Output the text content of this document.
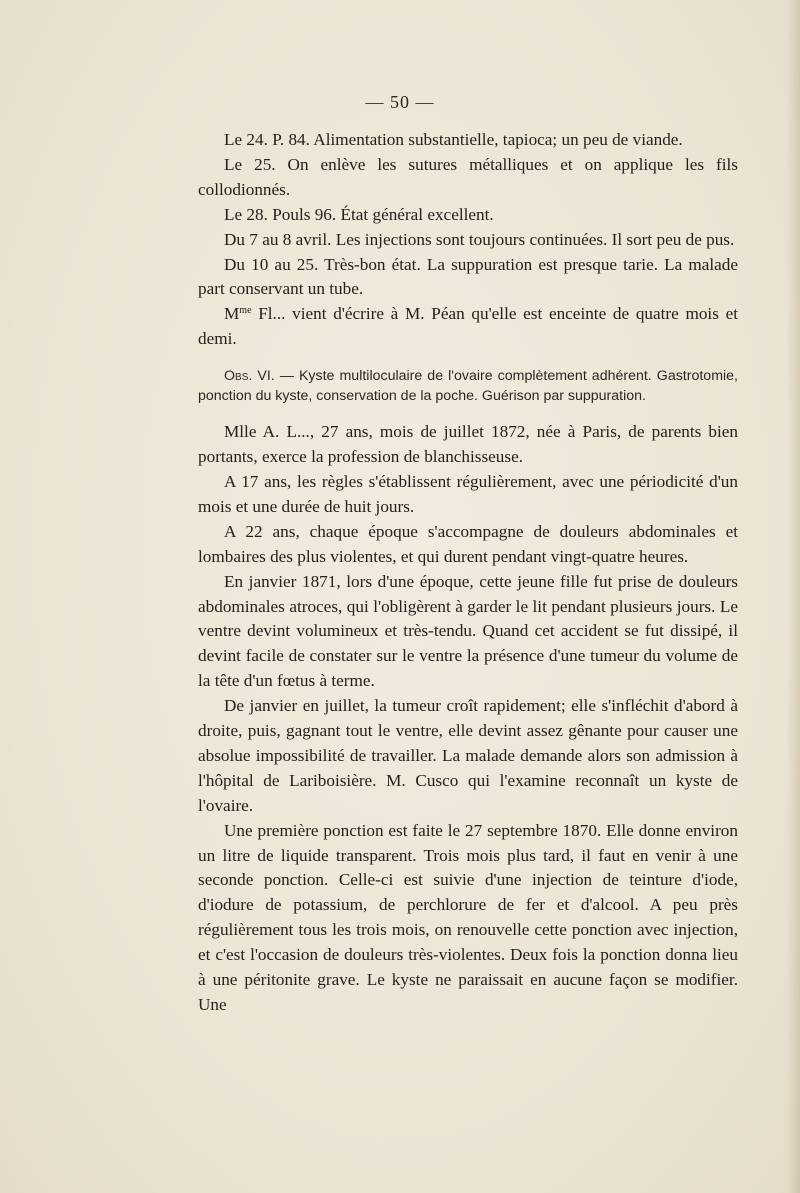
— 50 —

Le 24. P. 84. Alimentation substantielle, tapioca; un peu de viande.

Le 25. On enlève les sutures métalliques et on applique les fils collodionnés.

Le 28. Pouls 96. État général excellent.

Du 7 au 8 avril. Les injections sont toujours continuées. Il sort peu de pus.

Du 10 au 25. Très-bon état. La suppuration est presque tarie. La malade part conservant un tube.

$M^{me}$ Fl... vient d'écrire à M. Péan qu'elle est enceinte de quatre mois et demi.

Obs. VI. — Kyste multiloculaire de l'ovaire complètement adhérent. Gastrotomie, ponction du kyste, conservation de la poche. Guérison par suppuration.

Mlle A. L..., 27 ans, mois de juillet 1872, née à Paris, de parents bien portants, exerce la profession de blanchisseuse.

A 17 ans, les règles s'établissent régulièrement, avec une périodicité d'un mois et une durée de huit jours.

A 22 ans, chaque époque s'accompagne de douleurs abdominales et lombaires des plus violentes, et qui durent pendant vingt-quatre heures.

En janvier 1871, lors d'une époque, cette jeune fille fut prise de douleurs abdominales atroces, qui l'obligèrent à garder le lit pendant plusieurs jours. Le ventre devint volumineux et très-tendu. Quand cet accident se fut dissipé, il devint facile de constater sur le ventre la présence d'une tumeur du volume de la tête d'un fœtus à terme.

De janvier en juillet, la tumeur croît rapidement; elle s'infléchit d'abord à droite, puis, gagnant tout le ventre, elle devint assez gênante pour causer une absolue impossibilité de travailler. La malade demande alors son admission à l'hôpital de Lariboisière. M. Cusco qui l'examine reconnaît un kyste de l'ovaire.

Une première ponction est faite le 27 septembre 1870. Elle donne environ un litre de liquide transparent. Trois mois plus tard, il faut en venir à une seconde ponction. Celle-ci est suivie d'une injection de teinture d'iode, d'iodure de potassium, de perchlorure de fer et d'alcool. A peu près régulièrement tous les trois mois, on renouvelle cette ponction avec injection, et c'est l'occasion de douleurs très-violentes. Deux fois la ponction donna lieu à une péritonite grave. Le kyste ne paraissait en aucune façon se modifier. Une
